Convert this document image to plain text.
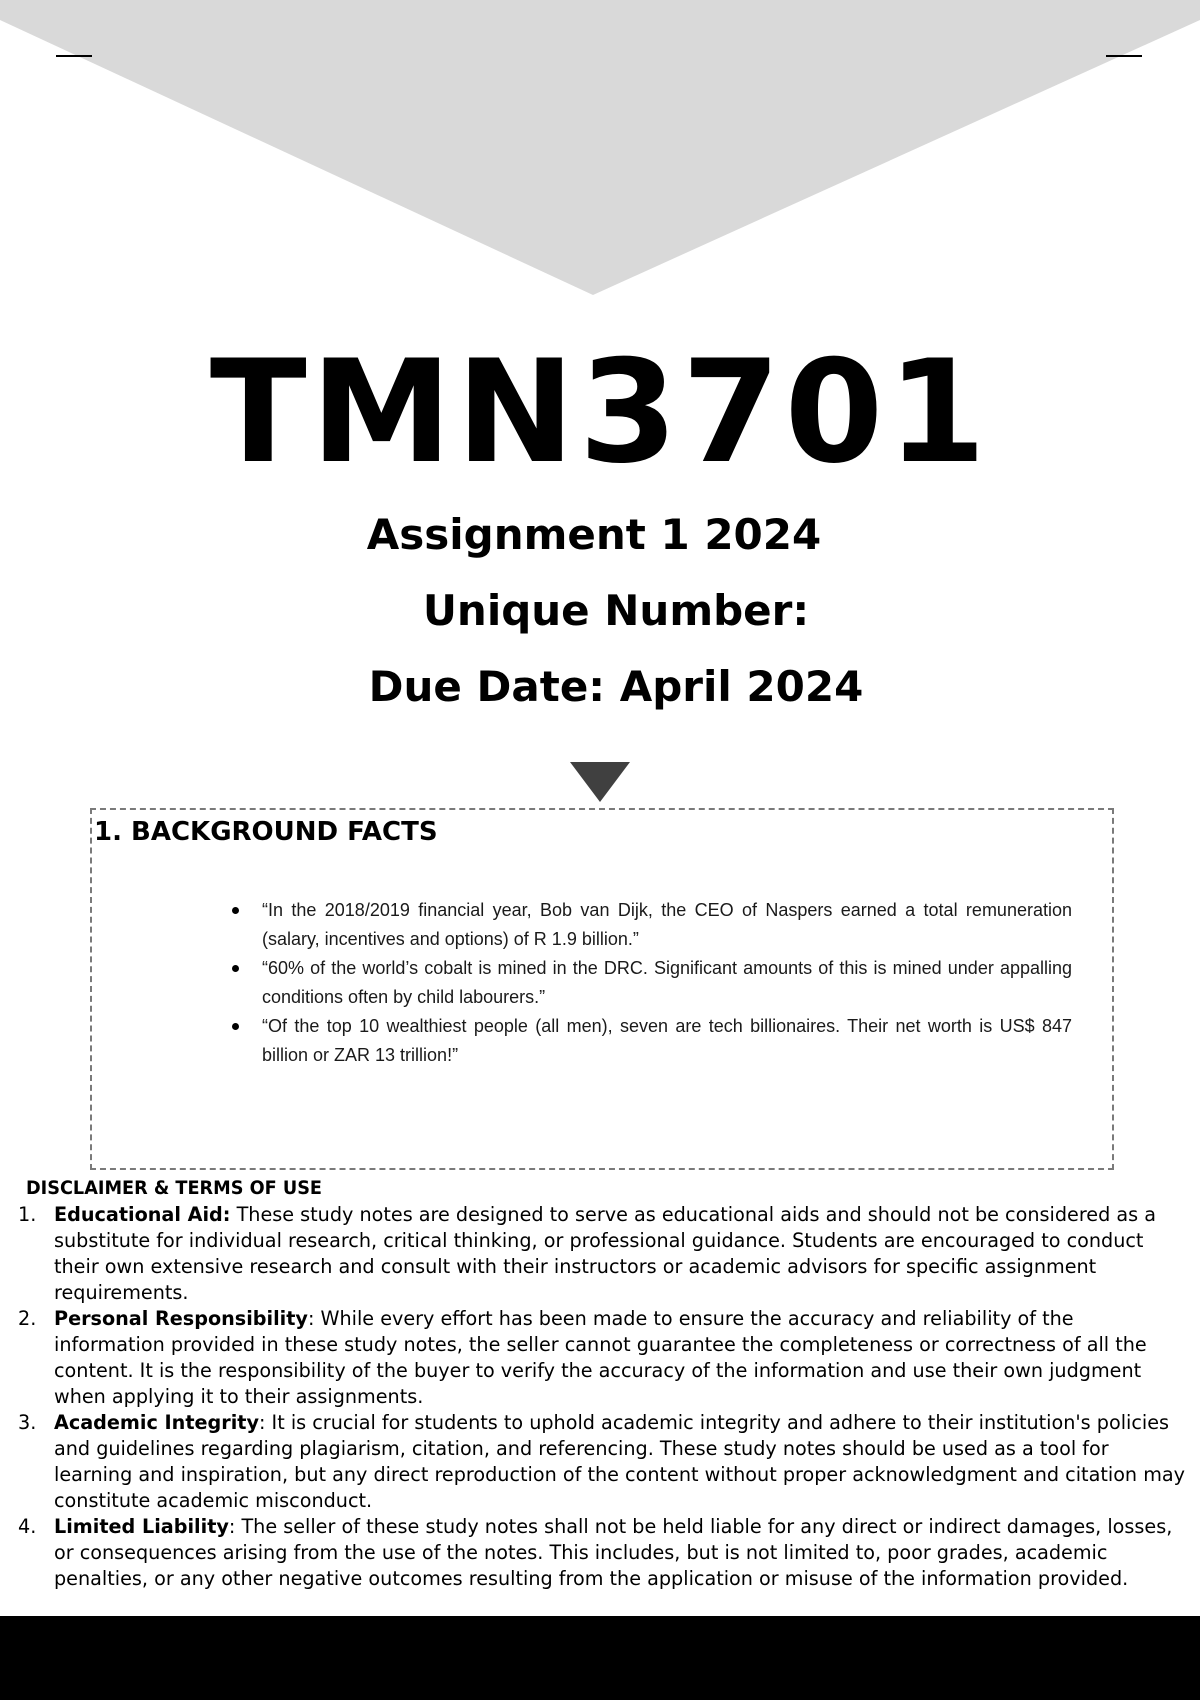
TMN3701
Assignment 1 2024
Unique Number:
Due Date: April 2024
1. BACKGROUND FACTS
“In the 2018/2019 financial year, Bob van Dijk, the CEO of Naspers earned a total remuneration (salary, incentives and options) of R 1.9 billion.”
“60% of the world’s cobalt is mined in the DRC. Significant amounts of this is mined under appalling conditions often by child labourers.”
“Of the top 10 wealthiest people (all men), seven are tech billionaires. Their net worth is US$ 847 billion or ZAR 13 trillion!”
DISCLAIMER & TERMS OF USE
1. Educational Aid: These study notes are designed to serve as educational aids and should not be considered as a substitute for individual research, critical thinking, or professional guidance. Students are encouraged to conduct their own extensive research and consult with their instructors or academic advisors for specific assignment requirements.
2. Personal Responsibility: While every effort has been made to ensure the accuracy and reliability of the information provided in these study notes, the seller cannot guarantee the completeness or correctness of all the content. It is the responsibility of the buyer to verify the accuracy of the information and use their own judgment when applying it to their assignments.
3. Academic Integrity: It is crucial for students to uphold academic integrity and adhere to their institution's policies and guidelines regarding plagiarism, citation, and referencing. These study notes should be used as a tool for learning and inspiration, but any direct reproduction of the content without proper acknowledgment and citation may constitute academic misconduct.
4. Limited Liability: The seller of these study notes shall not be held liable for any direct or indirect damages, losses, or consequences arising from the use of the notes. This includes, but is not limited to, poor grades, academic penalties, or any other negative outcomes resulting from the application or misuse of the information provided.
